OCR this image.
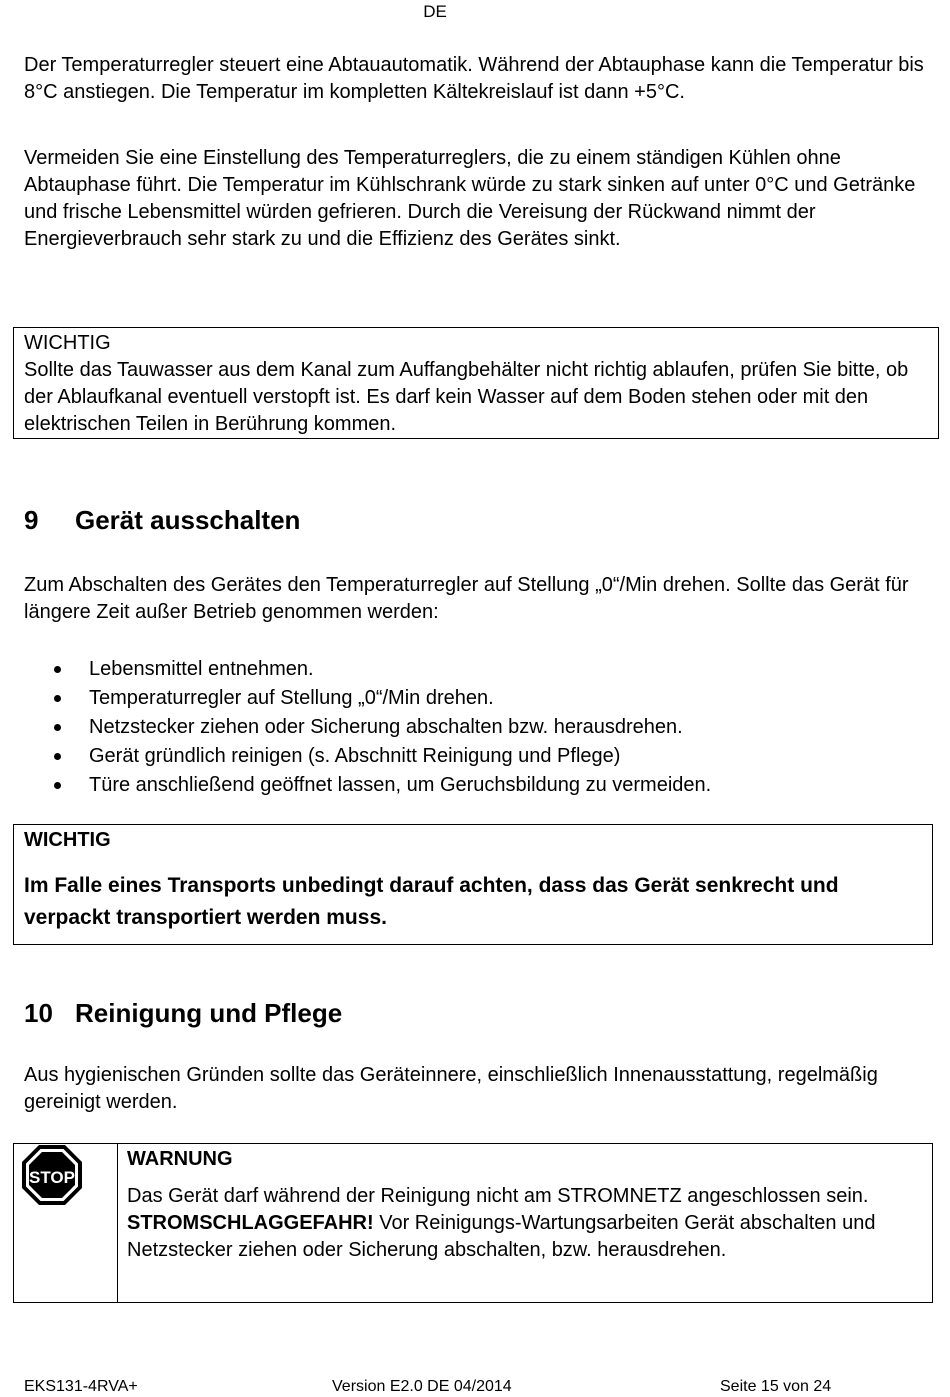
DE
Der Temperaturregler steuert eine Abtauautomatik. Während der Abtauphase kann die Temperatur bis 8°C anstiegen. Die Temperatur im kompletten Kältekreislauf ist dann +5°C.
Vermeiden Sie eine Einstellung des Temperaturreglers, die zu einem ständigen Kühlen ohne Abtauphase führt. Die Temperatur im Kühlschrank würde zu stark sinken auf unter 0°C und Getränke und frische Lebensmittel würden gefrieren. Durch die Vereisung der Rückwand nimmt der Energieverbrauch sehr stark zu und die Effizienz des Gerätes sinkt.
WICHTIG
Sollte das Tauwasser aus dem Kanal zum Auffangbehälter nicht richtig ablaufen, prüfen Sie bitte, ob der Ablaufkanal eventuell verstopft ist. Es darf kein Wasser auf dem Boden stehen oder mit den elektrischen Teilen in Berührung kommen.
9 Gerät ausschalten
Zum Abschalten des Gerätes den Temperaturregler auf Stellung „0“/Min drehen. Sollte das Gerät für längere Zeit außer Betrieb genommen werden:
Lebensmittel entnehmen.
Temperaturregler auf Stellung „0“/Min drehen.
Netzstecker ziehen oder Sicherung abschalten bzw. herausdrehen.
Gerät gründlich reinigen (s. Abschnitt Reinigung und Pflege)
Türe anschließend geöffnet lassen, um Geruchsbildung zu vermeiden.
WICHTIG
Im Falle eines Transports unbedingt darauf achten, dass das Gerät senkrecht und verpackt transportiert werden muss.
10 Reinigung und Pflege
Aus hygienischen Gründen sollte das Geräteinnere, einschließlich Innenausstattung, regelmäßig gereinigt werden.
STOP
WARNUNG
Das Gerät darf während der Reinigung nicht am STROMNETZ angeschlossen sein. STROMSCHLAGGEFAHR! Vor Reinigungs-Wartungsarbeiten Gerät abschalten und Netzstecker ziehen oder Sicherung abschalten, bzw. herausdrehen.
EKS131-4RVA+	Version E2.0 DE 04/2014	Seite 15 von 24
